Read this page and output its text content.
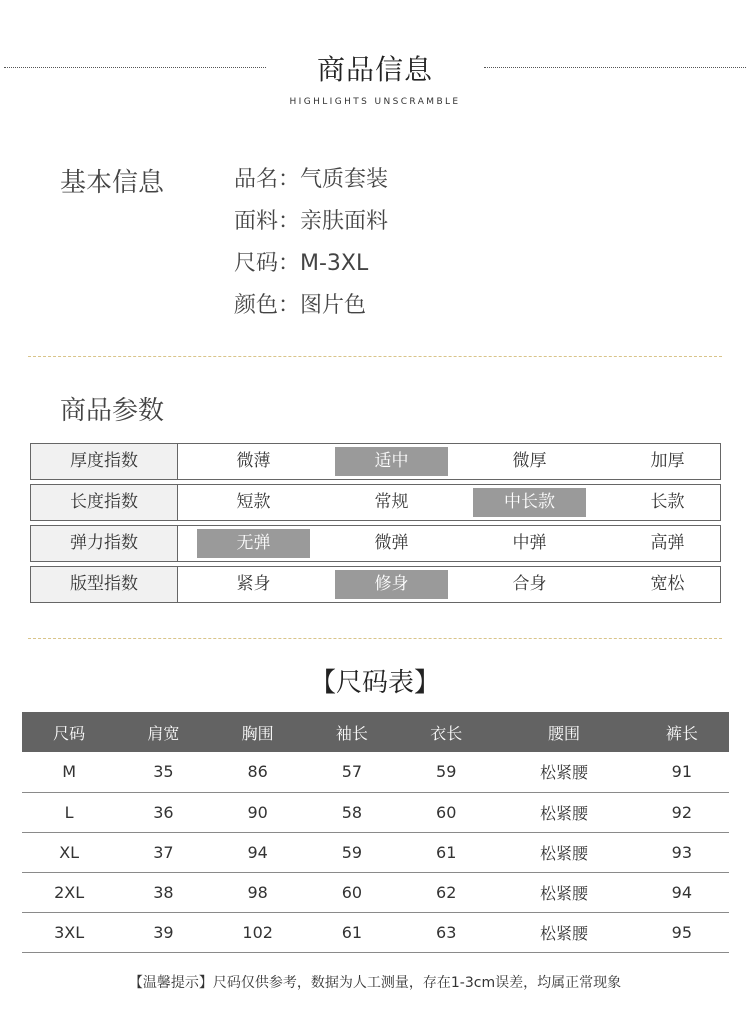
商品信息
HIGHLIGHTS UNSCRAMBLE
基本信息	品名：气质套装
面料：亲肤面料
尺码：M-3XL
颜色：图片色
商品参数
厚度指数	微薄	适中	微厚	加厚
长度指数	短款	常规	中长款	长款
弹力指数	无弹	微弹	中弹	高弹
版型指数	紧身	修身	合身	宽松
【尺码表】
尺码	肩宽	胸围	袖长	衣长	腰围	裤长
M	35	86	57	59	松紧腰	91
L	36	90	58	60	松紧腰	92
XL	37	94	59	61	松紧腰	93
2XL	38	98	60	62	松紧腰	94
3XL	39	102	61	63	松紧腰	95
【温馨提示】尺码仅供参考，数据为人工测量，存在1-3cm误差，均属正常现象
